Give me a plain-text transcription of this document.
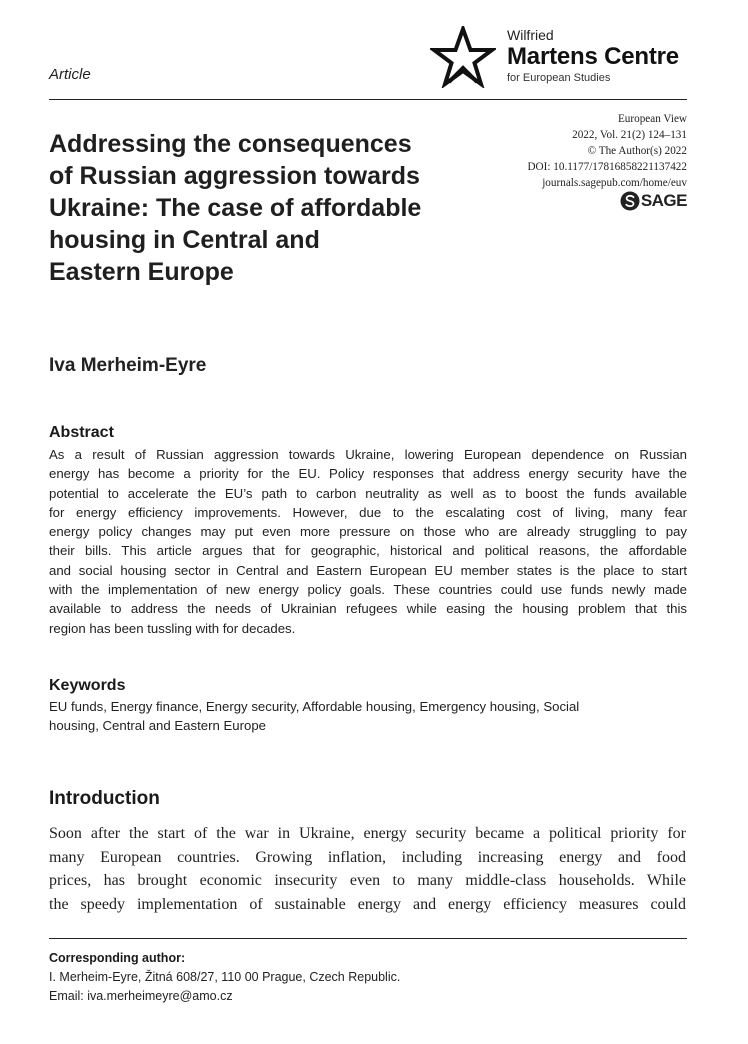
Article
Wilfried
Martens Centre
for European Studies
Addressing the consequences
of Russian aggression towards
Ukraine: The case of affordable
housing in Central and
Eastern Europe
European View
2022, Vol. 21(2) 124–131
© The Author(s) 2022
DOI: 10.1177/17816858221137422
journals.sagepub.com/home/euv
SAGE
Iva Merheim-Eyre
Abstract
As a result of Russian aggression towards Ukraine, lowering European dependence on Russian
energy has become a priority for the EU. Policy responses that address energy security have the
potential to accelerate the EU’s path to carbon neutrality as well as to boost the funds available
for energy efficiency improvements. However, due to the escalating cost of living, many fear
energy policy changes may put even more pressure on those who are already struggling to pay
their bills. This article argues that for geographic, historical and political reasons, the affordable
and social housing sector in Central and Eastern European EU member states is the place to start
with the implementation of new energy policy goals. These countries could use funds newly made
available to address the needs of Ukrainian refugees while easing the housing problem that this
region has been tussling with for decades.
Keywords
EU funds, Energy finance, Energy security, Affordable housing, Emergency housing, Social
housing, Central and Eastern Europe
Introduction
Soon after the start of the war in Ukraine, energy security became a political priority for
many European countries. Growing inflation, including increasing energy and food
prices, has brought economic insecurity even to many middle-class households. While
the speedy implementation of sustainable energy and energy efficiency measures could
Corresponding author:
I. Merheim-Eyre, Žitná 608/27, 110 00 Prague, Czech Republic.
Email: iva.merheimeyre@amo.cz
